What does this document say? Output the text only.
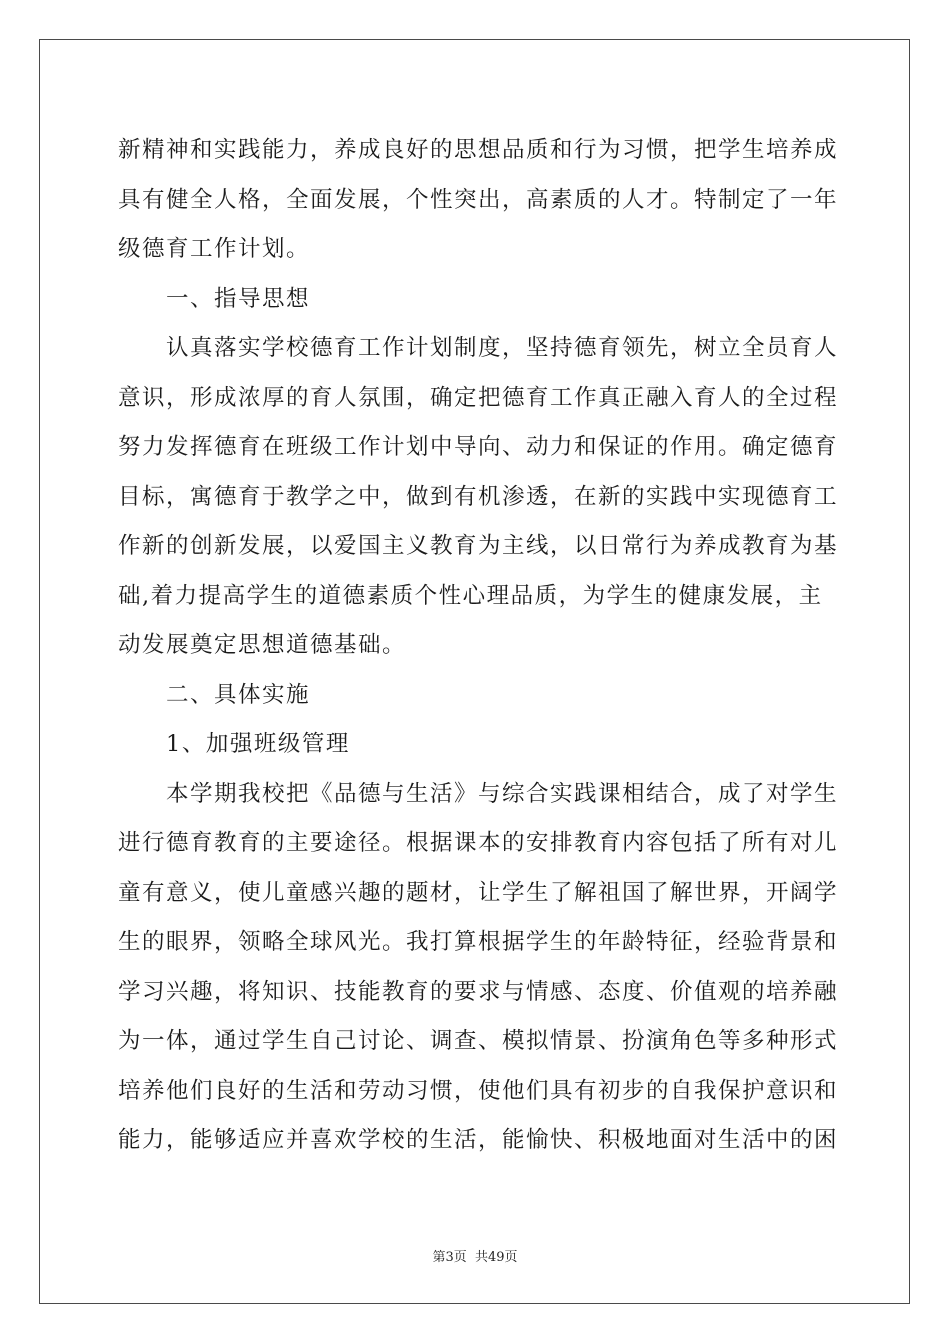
新精神和实践能力，养成良好的思想品质和行为习惯，把学生培养成
具有健全人格，全面发展，个性突出，高素质的人才。特制定了一年
级德育工作计划。
一、指导思想
认真落实学校德育工作计划制度，坚持德育领先，树立全员育人
意识，形成浓厚的育人氛围，确定把德育工作真正融入育人的全过程
努力发挥德育在班级工作计划中导向、动力和保证的作用。确定德育
目标，寓德育于教学之中，做到有机渗透，在新的实践中实现德育工
作新的创新发展，以爱国主义教育为主线，以日常行为养成教育为基
础,着力提高学生的道德素质个性心理品质，为学生的健康发展，主
动发展奠定思想道德基础。
二、具体实施
1、加强班级管理
本学期我校把《品德与生活》与综合实践课相结合，成了对学生
进行德育教育的主要途径。根据课本的安排教育内容包括了所有对儿
童有意义，使儿童感兴趣的题材，让学生了解祖国了解世界，开阔学
生的眼界，领略全球风光。我打算根据学生的年龄特征，经验背景和
学习兴趣，将知识、技能教育的要求与情感、态度、价值观的培养融
为一体，通过学生自己讨论、调查、模拟情景、扮演角色等多种形式
培养他们良好的生活和劳动习惯，使他们具有初步的自我保护意识和
能力，能够适应并喜欢学校的生活，能愉快、积极地面对生活中的困
第3页 共49页
